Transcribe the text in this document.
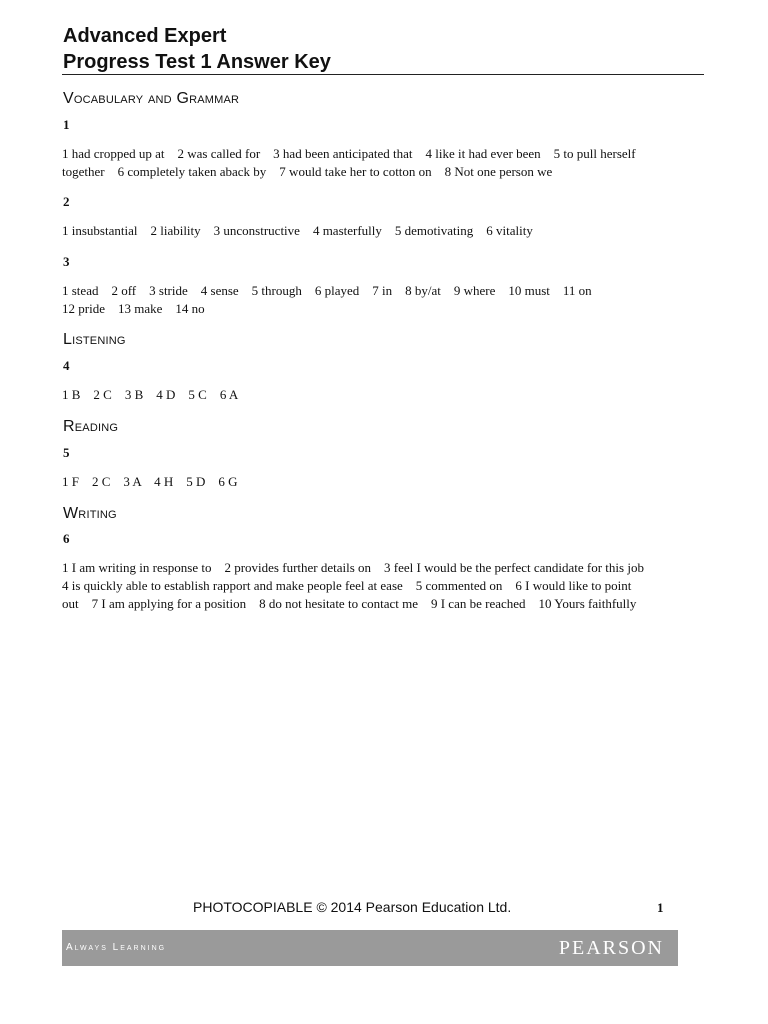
Advanced Expert
Progress Test 1 Answer Key
Vocabulary and Grammar
1

1 had cropped up at    2 was called for    3 had been anticipated that    4 like it had ever been    5 to pull herself
together    6 completely taken aback by    7 would take her to cotton on    8 Not one person we

2

1 insubstantial    2 liability    3 unconstructive    4 masterfully    5 demotivating    6 vitality

3

1 stead    2 off    3 stride    4 sense    5 through    6 played    7 in    8 by/at    9 where    10 must    11 on
12 pride    13 make    14 no

Listening
4

1 B    2 C    3 B    4 D    5 C    6 A

Reading
5

1 F    2 C    3 A    4 H    5 D    6 G

Writing
6

1 I am writing in response to    2 provides further details on    3 feel I would be the perfect candidate for this job
4 is quickly able to establish rapport and make people feel at ease    5 commented on    6 I would like to point
out    7 I am applying for a position    8 do not hesitate to contact me    9 I can be reached    10 Yours faithfully

PHOTOCOPIABLE © 2014 Pearson Education Ltd.	1
Always Learning	PEARSON
